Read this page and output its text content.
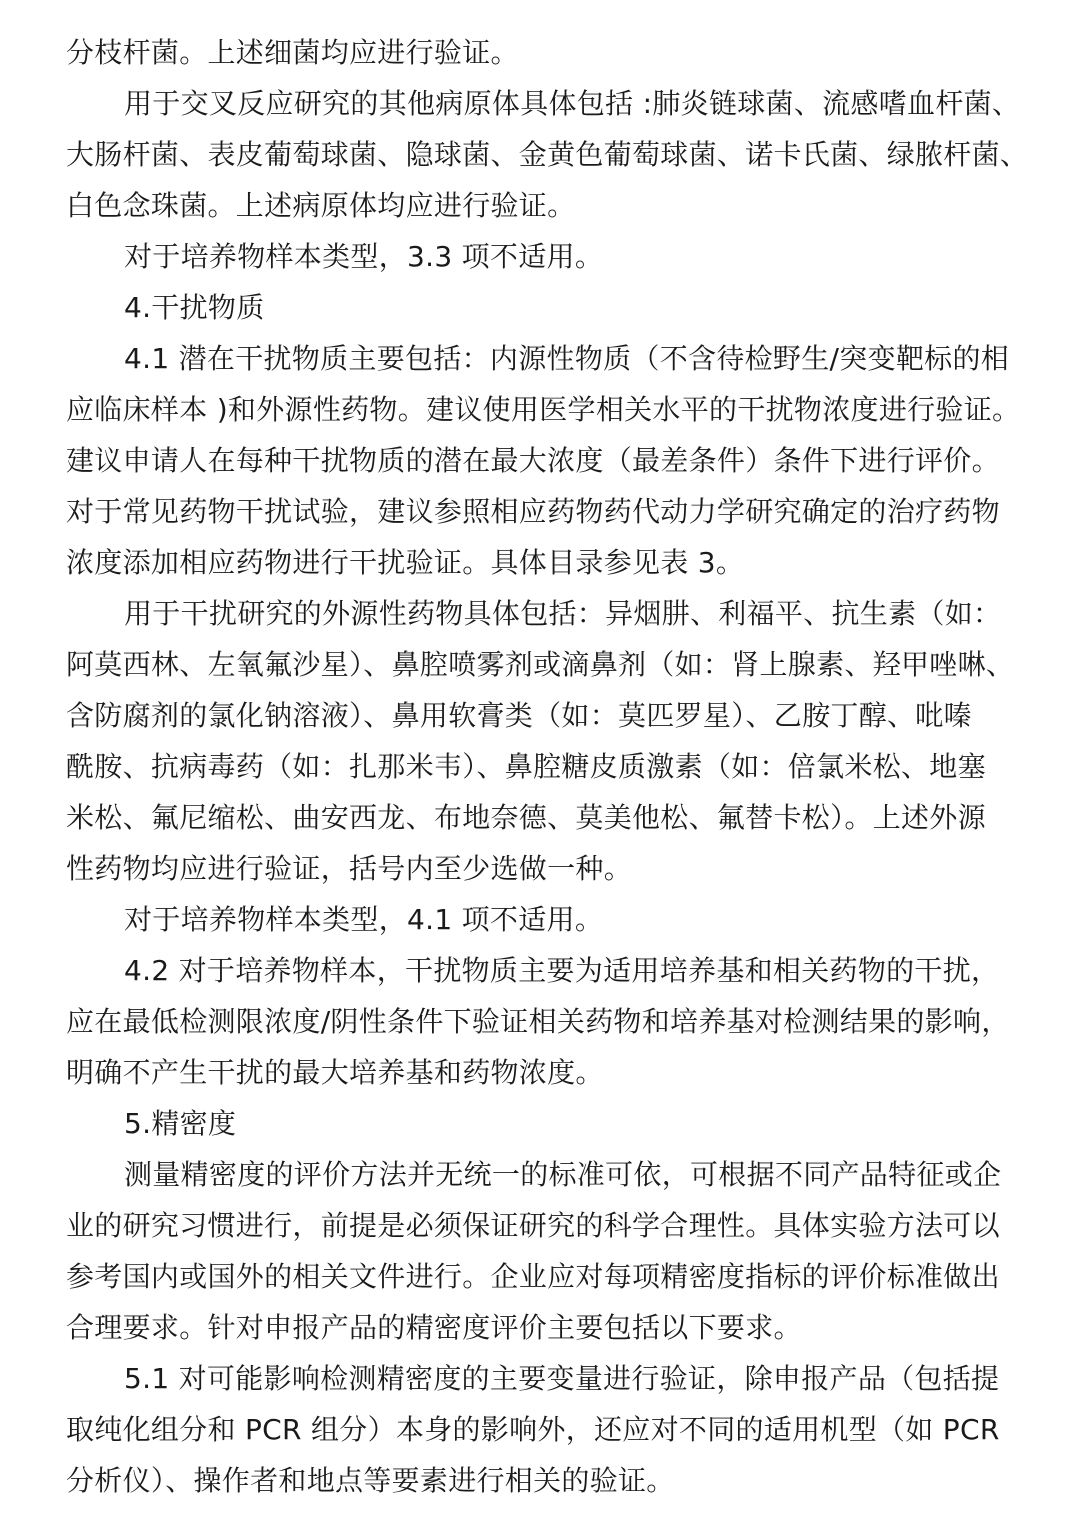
分枝杆菌。上述细菌均应进行验证。
用于交叉反应研究的其他病原体具体包括 :肺炎链球菌、流感嗜血杆菌、
大肠杆菌、表皮葡萄球菌、隐球菌、金黄色葡萄球菌、诺卡氏菌、绿脓杆菌、
白色念珠菌。上述病原体均应进行验证。
对于培养物样本类型，3.3 项不适用。
4.干扰物质
4.1 潜在干扰物质主要包括：内源性物质（不含待检野生/突变靶标的相
应临床样本 )和外源性药物。建议使用医学相关水平的干扰物浓度进行验证。
建议申请人在每种干扰物质的潜在最大浓度（最差条件）条件下进行评价。
对于常见药物干扰试验，建议参照相应药物药代动力学研究确定的治疗药物
浓度添加相应药物进行干扰验证。具体目录参见表 3。
用于干扰研究的外源性药物具体包括：异烟肼、利福平、抗生素（如：
阿莫西林、左氧氟沙星）、鼻腔喷雾剂或滴鼻剂（如：肾上腺素、羟甲唑啉、
含防腐剂的氯化钠溶液）、鼻用软膏类（如：莫匹罗星）、乙胺丁醇、吡嗪
酰胺、抗病毒药（如：扎那米韦）、鼻腔糖皮质激素（如：倍氯米松、地塞
米松、氟尼缩松、曲安西龙、布地奈德、莫美他松、氟替卡松）。上述外源
性药物均应进行验证，括号内至少选做一种。
对于培养物样本类型，4.1 项不适用。
4.2 对于培养物样本，干扰物质主要为适用培养基和相关药物的干扰，
应在最低检测限浓度/阴性条件下验证相关药物和培养基对检测结果的影响，
明确不产生干扰的最大培养基和药物浓度。
5.精密度
测量精密度的评价方法并无统一的标准可依，可根据不同产品特征或企
业的研究习惯进行，前提是必须保证研究的科学合理性。具体实验方法可以
参考国内或国外的相关文件进行。企业应对每项精密度指标的评价标准做出
合理要求。针对申报产品的精密度评价主要包括以下要求。
5.1 对可能影响检测精密度的主要变量进行验证，除申报产品（包括提
取纯化组分和 PCR 组分）本身的影响外，还应对不同的适用机型（如 PCR
分析仪）、操作者和地点等要素进行相关的验证。
